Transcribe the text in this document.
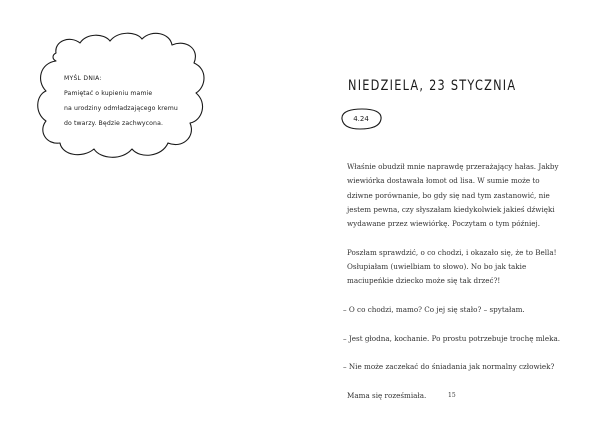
MYŚL DNIA:
Pamiętać o kupieniu mamie
na urodziny odmładzającego kremu
do twarzy. Będzie zachwycona.
NIEDZIELA, 23 STYCZNIA
4.24

Właśnie obudził mnie naprawdę przerażający hałas. Jakby wiewiórka dostawała łomot od lisa. W sumie może to dziwne porównanie, bo gdy się nad tym zastanowić, nie jestem pewna, czy słyszałam kiedykolwiek jakieś dźwięki wydawane przez wiewiórkę. Poczytam o tym później.

Poszłam sprawdzić, o co chodzi, i okazało się, że to Bella! Osłupiałam (uwielbiam to słowo). No bo jak takie maciupeńkie dziecko może się tak drzeć?!

– O co chodzi, mamo? Co jej się stało? – spytałam.

– Jest głodna, kochanie. Po prostu potrzebuje trochę mleka.

– Nie może zaczekać do śniadania jak normalny człowiek?

Mama się roześmiała.	15
